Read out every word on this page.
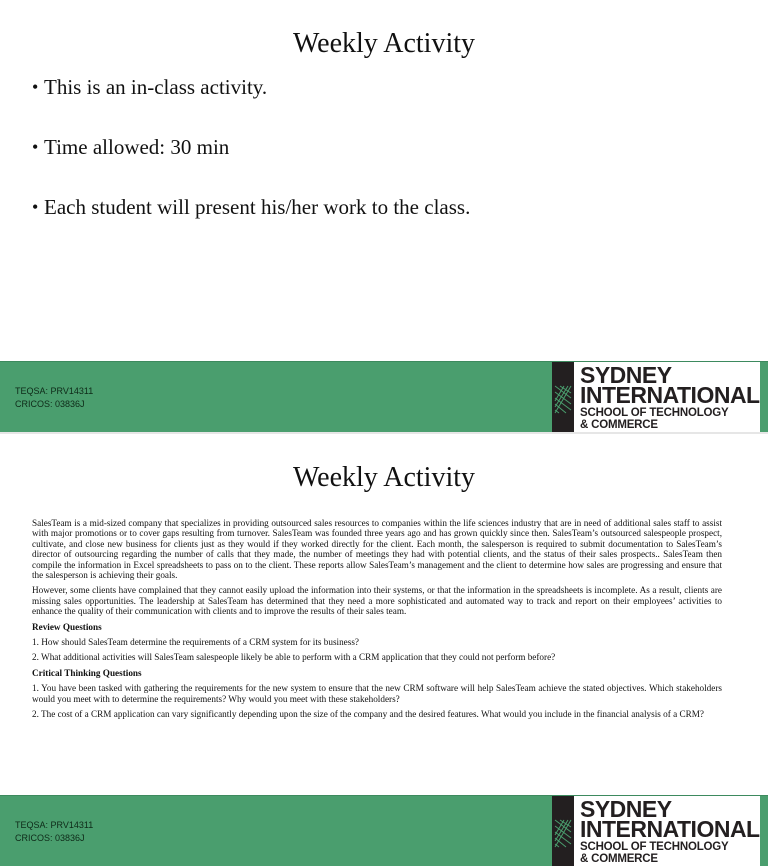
Weekly Activity
• This is an in-class activity.
• Time allowed: 30 min
• Each student will present his/her work to the class.
TEQSA: PRV14311
CRICOS: 03836J
SYDNEY
INTERNATIONAL
SCHOOL OF TECHNOLOGY
& COMMERCE
Weekly Activity

SalesTeam is a mid-sized company that specializes in providing outsourced sales resources to companies within the life sciences industry that are in need of additional sales staff to assist with major promotions or to cover gaps resulting from turnover. SalesTeam was founded three years ago and has grown quickly since then. SalesTeam’s outsourced salespeople prospect, cultivate, and close new business for clients just as they would if they worked directly for the client. Each month, the salesperson is required to submit documentation to SalesTeam’s director of outsourcing regarding the number of calls that they made, the number of meetings they had with potential clients, and the status of their sales prospects.. SalesTeam then compile the information in Excel spreadsheets to pass on to the client. These reports allow SalesTeam’s management and the client to determine how sales are progressing and ensure that the salesperson is achieving their goals.

However, some clients have complained that they cannot easily upload the information into their systems, or that the information in the spreadsheets is incomplete. As a result, clients are missing sales opportunities. The leadership at SalesTeam has determined that they need a more sophisticated and automated way to track and report on their employees’ activities to enhance the quality of their communication with clients and to improve the results of their sales team.

Review Questions

1. How should SalesTeam determine the requirements of a CRM system for its business?

2. What additional activities will SalesTeam salespeople likely be able to perform with a CRM application that they could not perform before?

Critical Thinking Questions

1. You have been tasked with gathering the requirements for the new system to ensure that the new CRM software will help SalesTeam achieve the stated objectives. Which stakeholders would you meet with to determine the requirements? Why would you meet with these stakeholders?

2. The cost of a CRM application can vary significantly depending upon the size of the company and the desired features. What would you include in the financial analysis of a CRM?

TEQSA: PRV14311
CRICOS: 03836J
SYDNEY
INTERNATIONAL
SCHOOL OF TECHNOLOGY
& COMMERCE
